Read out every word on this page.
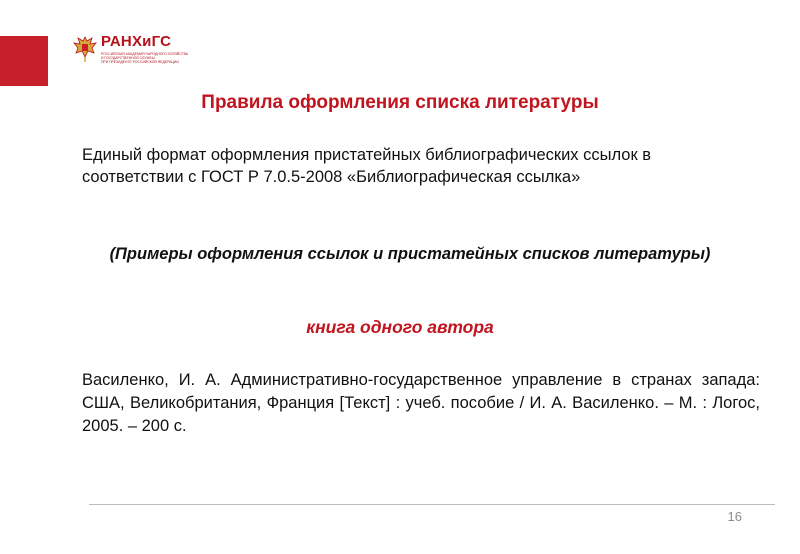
РАНХиГС
РОССИЙСКАЯ АКАДЕМИЯ НАРОДНОГО ХОЗЯЙСТВА
И ГОСУДАРСТВЕННОЙ СЛУЖБЫ
ПРИ ПРЕЗИДЕНТЕ РОССИЙСКОЙ ФЕДЕРАЦИИ
Правила оформления списка литературы

Единый формат оформления пристатейных библиографических ссылок в соответствии с ГОСТ Р 7.0.5-2008 «Библиографическая ссылка»

(Примеры оформления ссылок и пристатейных списков литературы)

книга одного автора

Василенко, И. А. Административно-государственное управление в странах запада: США, Великобритания, Франция [Текст] : учеб. пособие / И. А. Василенко. – М. : Логос, 2005. – 200 с.

16
